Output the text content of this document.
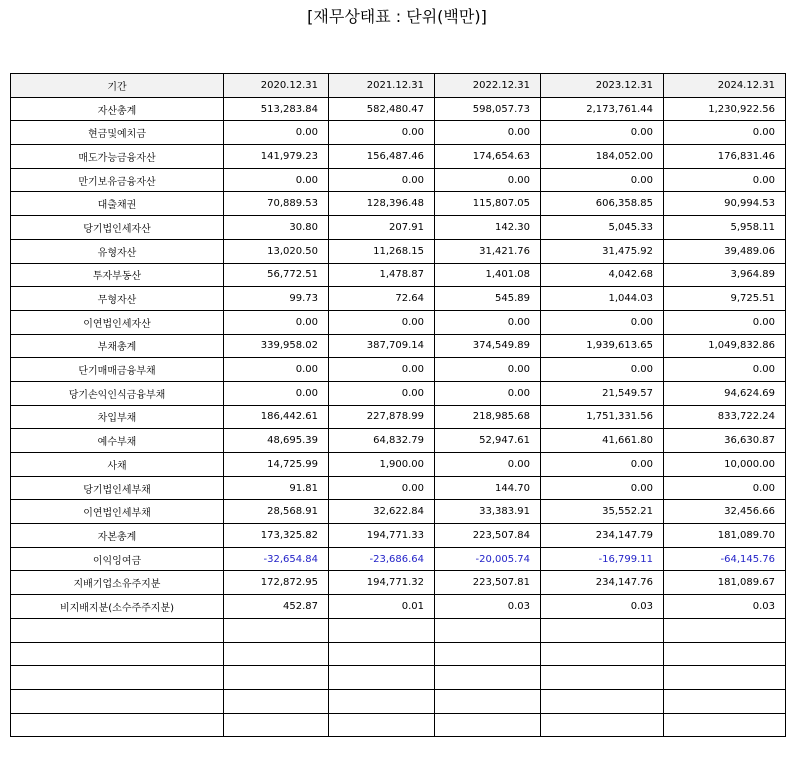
[재무상태표 : 단위(백만)]
기간	2020.12.31	2021.12.31	2022.12.31	2023.12.31	2024.12.31
자산총계	513,283.84	582,480.47	598,057.73	2,173,761.44	1,230,922.56
현금및예치금	0.00	0.00	0.00	0.00	0.00
매도가능금융자산	141,979.23	156,487.46	174,654.63	184,052.00	176,831.46
만기보유금융자산	0.00	0.00	0.00	0.00	0.00
대출채권	70,889.53	128,396.48	115,807.05	606,358.85	90,994.53
당기법인세자산	30.80	207.91	142.30	5,045.33	5,958.11
유형자산	13,020.50	11,268.15	31,421.76	31,475.92	39,489.06
투자부동산	56,772.51	1,478.87	1,401.08	4,042.68	3,964.89
무형자산	99.73	72.64	545.89	1,044.03	9,725.51
이연법인세자산	0.00	0.00	0.00	0.00	0.00
부채총계	339,958.02	387,709.14	374,549.89	1,939,613.65	1,049,832.86
단기매매금융부채	0.00	0.00	0.00	0.00	0.00
당기손익인식금융부채	0.00	0.00	0.00	21,549.57	94,624.69
차입부채	186,442.61	227,878.99	218,985.68	1,751,331.56	833,722.24
예수부채	48,695.39	64,832.79	52,947.61	41,661.80	36,630.87
사채	14,725.99	1,900.00	0.00	0.00	10,000.00
당기법인세부채	91.81	0.00	144.70	0.00	0.00
이연법인세부채	28,568.91	32,622.84	33,383.91	35,552.21	32,456.66
자본총계	173,325.82	194,771.33	223,507.84	234,147.79	181,089.70
이익잉여금	-32,654.84	-23,686.64	-20,005.74	-16,799.11	-64,145.76
지배기업소유주지분	172,872.95	194,771.32	223,507.81	234,147.76	181,089.67
비지배지분(소수주주지분)	452.87	0.01	0.03	0.03	0.03
